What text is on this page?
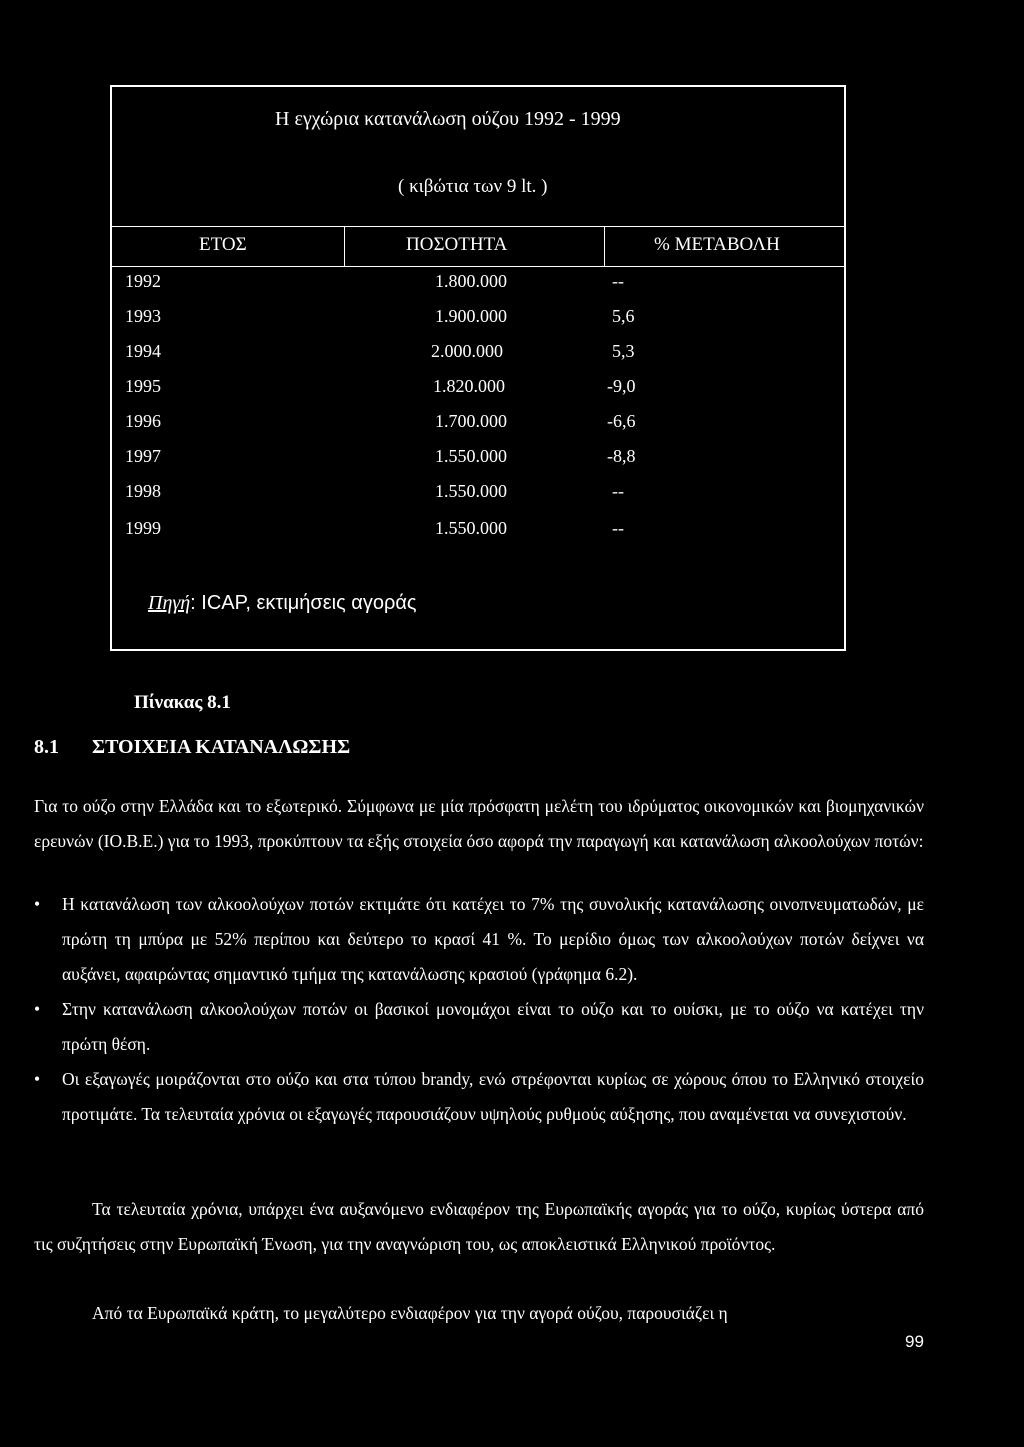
Η εγχώρια κατανάλωση ούζου 1992 - 1999
( κιβώτια των 9 lt. )
ΕΤΟΣ	ΠΟΣΟΤΗΤΑ	% ΜΕΤΑΒΟΛΗ
1992	1.800.000	--
1993	1.900.000	5,6
1994	2.000.000	5,3
1995	1.820.000	-9,0
1996	1.700.000	-6,6
1997	1.550.000	-8,8
1998	1.550.000	--
1999	1.550.000	--
Πηγή: ICAP, εκτιμήσεις αγοράς
Πίνακας 8.1
8.1 ΣΤΟΙΧΕΙΑ ΚΑΤΑΝΑΛΩΣΗΣ
Για το ούζο στην Ελλάδα και το εξωτερικό. Σύμφωνα με μία πρόσφατη μελέτη του ιδρύματος οικονομικών και βιομηχανικών ερευνών (ΙΟ.Β.Ε.) για το 1993, προκύπτουν τα εξής στοιχεία όσο αφορά την παραγωγή και κατανάλωση αλκοολούχων ποτών:
• Η κατανάλωση των αλκοολούχων ποτών εκτιμάτε ότι κατέχει το 7% της συνολικής κατανάλωσης οινοπνευματωδών, με πρώτη τη μπύρα με 52% περίπου και δεύτερο το κρασί 41 %. Το μερίδιο όμως των αλκοολούχων ποτών δείχνει να αυξάνει, αφαιρώντας σημαντικό τμήμα της κατανάλωσης κρασιού (γράφημα 6.2).
• Στην κατανάλωση αλκοολούχων ποτών οι βασικοί μονομάχοι είναι το ούζο και το ουίσκι, με το ούζο να κατέχει την πρώτη θέση.
• Οι εξαγωγές μοιράζονται στο ούζο και στα τύπου brandy, ενώ στρέφονται κυρίως σε χώρους όπου το Ελληνικό στοιχείο προτιμάτε. Τα τελευταία χρόνια οι εξαγωγές παρουσιάζουν υψηλούς ρυθμούς αύξησης, που αναμένεται να συνεχιστούν.
Τα τελευταία χρόνια, υπάρχει ένα αυξανόμενο ενδιαφέρον της Ευρωπαϊκής αγοράς για το ούζο, κυρίως ύστερα από τις συζητήσεις στην Ευρωπαϊκή Ένωση, για την αναγνώριση του, ως αποκλειστικά Ελληνικού προϊόντος.
Από τα Ευρωπαϊκά κράτη, το μεγαλύτερο ενδιαφέρον για την αγορά ούζου, παρουσιάζει η
99
